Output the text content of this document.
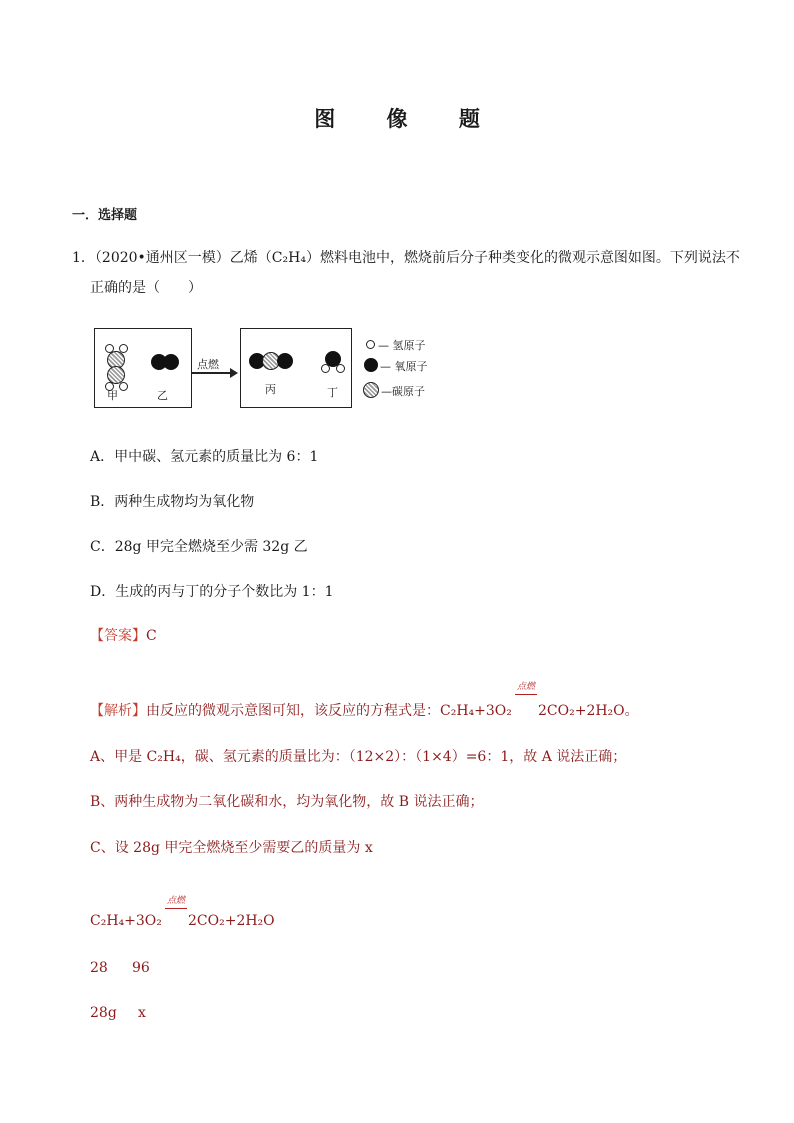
图 像 题
一．选择题
1．（2020•通州区一模）乙烯（C₂H₄）燃料电池中，燃烧前后分子种类变化的微观示意图如图。下列说法不
正确的是（　　）
甲	乙
点燃
丙	丁
— 氢原子
— 氧原子
—碳原子
A．甲中碳、氢元素的质量比为 6：1
B．两种生成物均为氧化物
C．28g 甲完全燃烧至少需 32g 乙
D．生成的丙与丁的分子个数比为 1：1
【答案】C
点燃
【解析】由反应的微观示意图可知，该反应的方程式是：C₂H₄+3O₂ 2CO₂+2H₂O。
A、甲是 C₂H₄，碳、氢元素的质量比为：（12×2）：（1×4）=6：1，故 A 说法正确；
B、两种生成物为二氧化碳和水，均为氧化物，故 B 说法正确；
C、设 28g 甲完全燃烧至少需要乙的质量为 x
点燃
C₂H₄+3O₂ 2CO₂+2H₂O
28 96
28g x
